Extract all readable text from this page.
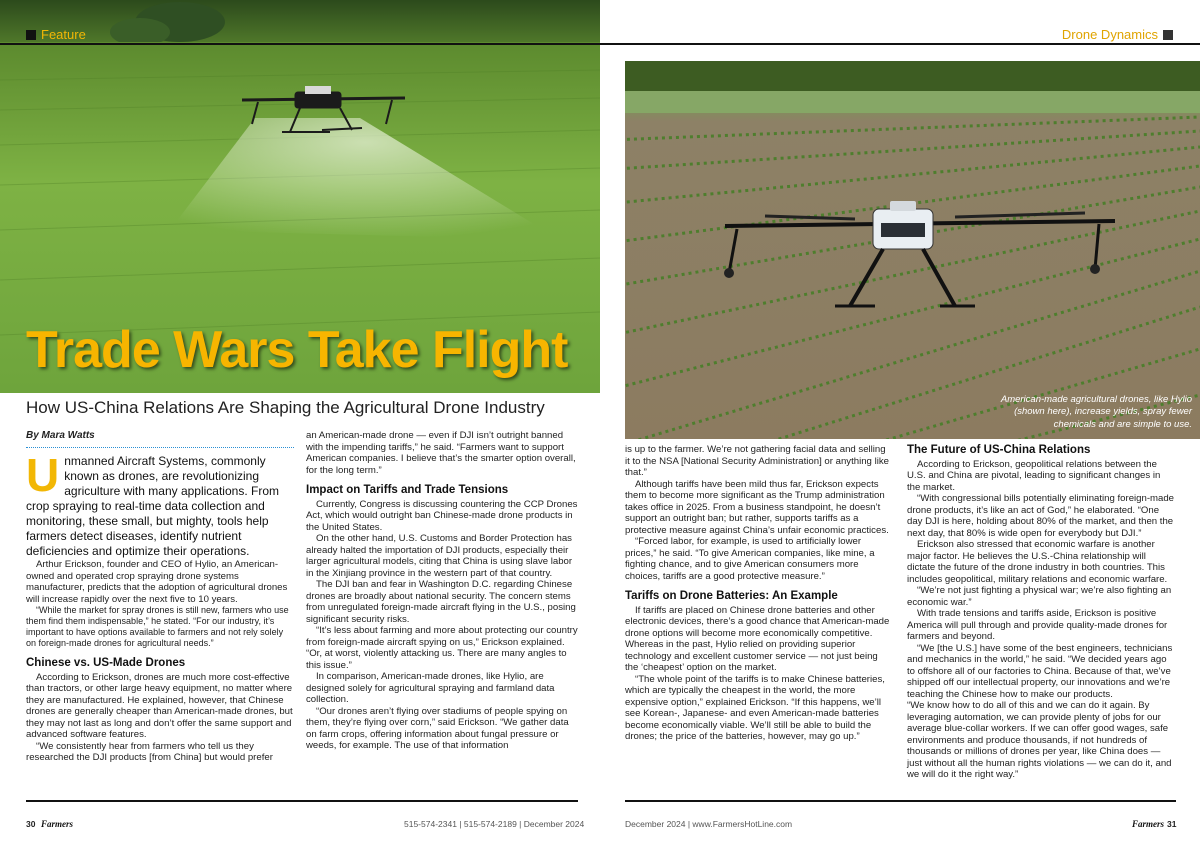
Feature
Trade Wars Take Flight
How US-China Relations Are Shaping the Agricultural Drone Industry
Drone Dynamics
American-made agricultural drones, like Hylio (shown here), increase yields, spray fewer chemicals and are simple to use.
By Mara Watts

Unmanned Aircraft Systems, commonly known as drones, are revolutionizing agriculture with many applications. From crop spraying to real-time data collection and monitoring, these small, but mighty, tools help farmers detect diseases, identify nutrient deficiencies and optimize their operations.

Arthur Erickson, founder and CEO of Hylio, an American-owned and operated crop spraying drone systems manufacturer, predicts that the adoption of agricultural drones will increase rapidly over the next five to 10 years.

“While the market for spray drones is still new, farmers who use them find them indispensable,” he stated. “For our industry, it’s important to have options available to farmers and not rely solely on foreign-made drones for agricultural needs.”

Chinese vs. US-Made Drones

According to Erickson, drones are much more cost-effective than tractors, or other large heavy equipment, no matter where they are manufactured. He explained, however, that Chinese drones are generally cheaper than American-made drones, but they may not last as long and don’t offer the same support and advanced software features.

“We consistently hear from farmers who tell us they researched the DJI products [from China] but would prefer

an American-made drone — even if DJI isn’t outright banned with the impending tariffs,” he said. “Farmers want to support American companies. I believe that’s the smarter option overall, for the long term.”

Impact on Tariffs and Trade Tensions

Currently, Congress is discussing countering the CCP Drones Act, which would outright ban Chinese-made drone products in the United States.

On the other hand, U.S. Customs and Border Protection has already halted the importation of DJI products, especially their larger agricultural models, citing that China is using slave labor in the Xinjiang province in the western part of that country.

The DJI ban and fear in Washington D.C. regarding Chinese drones are broadly about national security. The concern stems from unregulated foreign-made aircraft flying in the U.S., posing significant security risks.

“It’s less about farming and more about protecting our country from foreign-made aircraft spying on us,” Erickson explained. “Or, at worst, violently attacking us. There are many angles to this issue.”

In comparison, American-made drones, like Hylio, are designed solely for agricultural spraying and farmland data collection.

“Our drones aren’t flying over stadiums of people spying on them, they’re flying over corn,” said Erickson. “We gather data on farm crops, offering information about fungal pressure or weeds, for example. The use of that information

is up to the farmer. We’re not gathering facial data and selling it to the NSA [National Security Administration] or anything like that.”

Although tariffs have been mild thus far, Erickson expects them to become more significant as the Trump administration takes office in 2025. From a business standpoint, he doesn’t support an outright ban; but rather, supports tariffs as a protective measure against China’s unfair economic practices.

“Forced labor, for example, is used to artificially lower prices,” he said. “To give American companies, like mine, a fighting chance, and to give American consumers more choices, tariffs are a good protective measure.”

Tariffs on Drone Batteries: An Example

If tariffs are placed on Chinese drone batteries and other electronic devices, there’s a good chance that American-made drone options will become more economically competitive. Whereas in the past, Hylio relied on providing superior technology and excellent customer service — not just being the ‘cheapest’ option on the market.

“The whole point of the tariffs is to make Chinese batteries, which are typically the cheapest in the world, the more expensive option,” explained Erickson. “If this happens, we’ll see Korean-, Japanese- and even American-made batteries become economically viable. We’ll still be able to build the drones; the price of the batteries, however, may go up.”

The Future of US-China Relations

According to Erickson, geopolitical relations between the U.S. and China are pivotal, leading to significant changes in the market.

“With congressional bills potentially eliminating foreign-made drone products, it’s like an act of God,” he elaborated. “One day DJI is here, holding about 80% of the market, and then the next day, that 80% is wide open for everybody but DJI.”

Erickson also stressed that economic warfare is another major factor. He believes the U.S.-China relationship will dictate the future of the drone industry in both countries. This includes geopolitical, military relations and economic warfare.

“We’re not just fighting a physical war; we’re also fighting an economic war.”

With trade tensions and tariffs aside, Erickson is positive America will pull through and provide quality-made drones for farmers and beyond.

“We [the U.S.] have some of the best engineers, technicians and mechanics in the world,” he said. “We decided years ago to offshore all of our factories to China. Because of that, we’ve shipped off our intellectual property, our innovations and we’re teaching the Chinese how to make our products.

“We know how to do all of this and we can do it again. By leveraging automation, we can provide plenty of jobs for our average blue-collar workers. If we can offer good wages, safe environments and produce thousands, if not hundreds of thousands or millions of drones per year, like China does — just without all the human rights violations — we can do it, and we will do it the right way.”

30 Farmers	515-574-2341 | 515-574-2189 | December 2024	December 2024 | www.FarmersHotLine.com	Farmers 31
